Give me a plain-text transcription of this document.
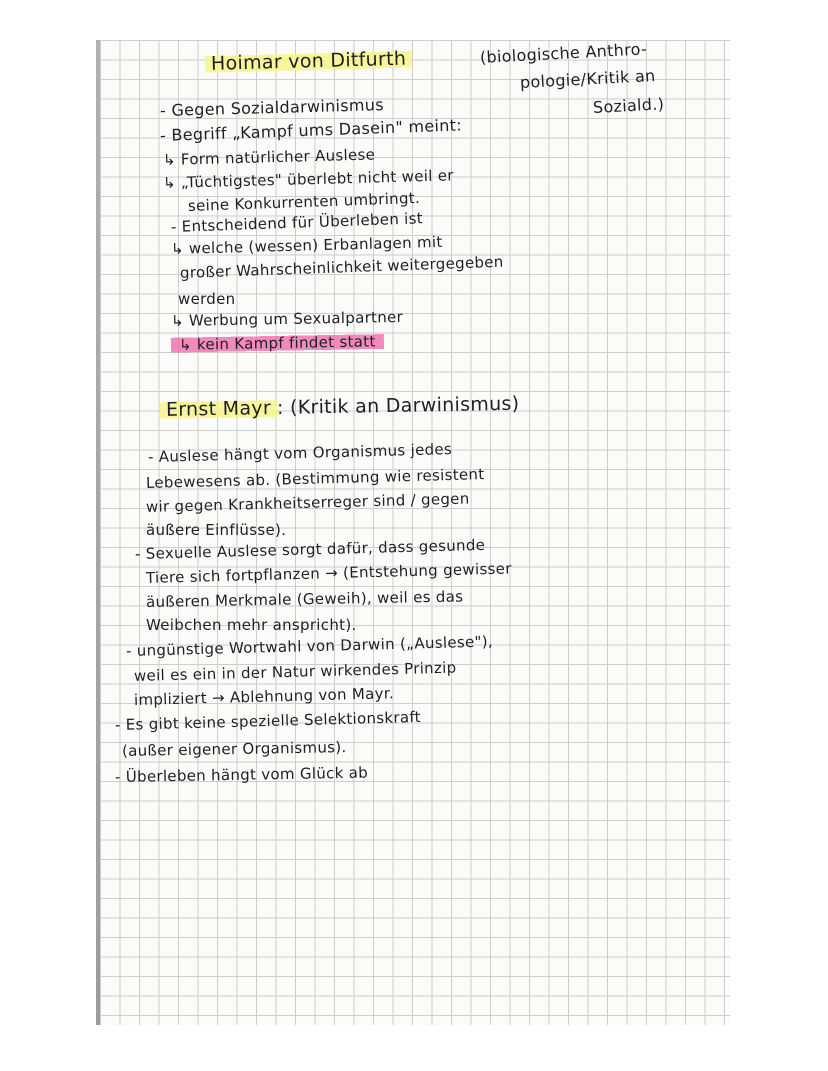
Hoimar von Ditfurth	(biologische Anthro-
pologie/Kritik an
Soziald.)
- Gegen Sozialdarwinismus
- Begriff „Kampf ums Dasein" meint:
↳ Form natürlicher Auslese
↳ „Tüchtigstes" überlebt nicht weil er
seine Konkurrenten umbringt.
- Entscheidend für Überleben ist
↳ welche (wessen) Erbanlagen mit
großer Wahrscheinlichkeit weitergegeben
werden
↳ Werbung um Sexualpartner
↳ kein Kampf findet statt
Ernst Mayr : (Kritik an Darwinismus)
- Auslese hängt vom Organismus jedes
Lebewesens ab. (Bestimmung wie resistent
wir gegen Krankheitserreger sind / gegen
äußere Einflüsse).
- Sexuelle Auslese sorgt dafür, dass gesunde
Tiere sich fortpflanzen → (Entstehung gewisser
äußeren Merkmale (Geweih), weil es das
Weibchen mehr anspricht).
- ungünstige Wortwahl von Darwin („Auslese"),
weil es ein in der Natur wirkendes Prinzip
impliziert → Ablehnung von Mayr.
- Es gibt keine spezielle Selektionskraft
(außer eigener Organismus).
- Überleben hängt vom Glück ab
